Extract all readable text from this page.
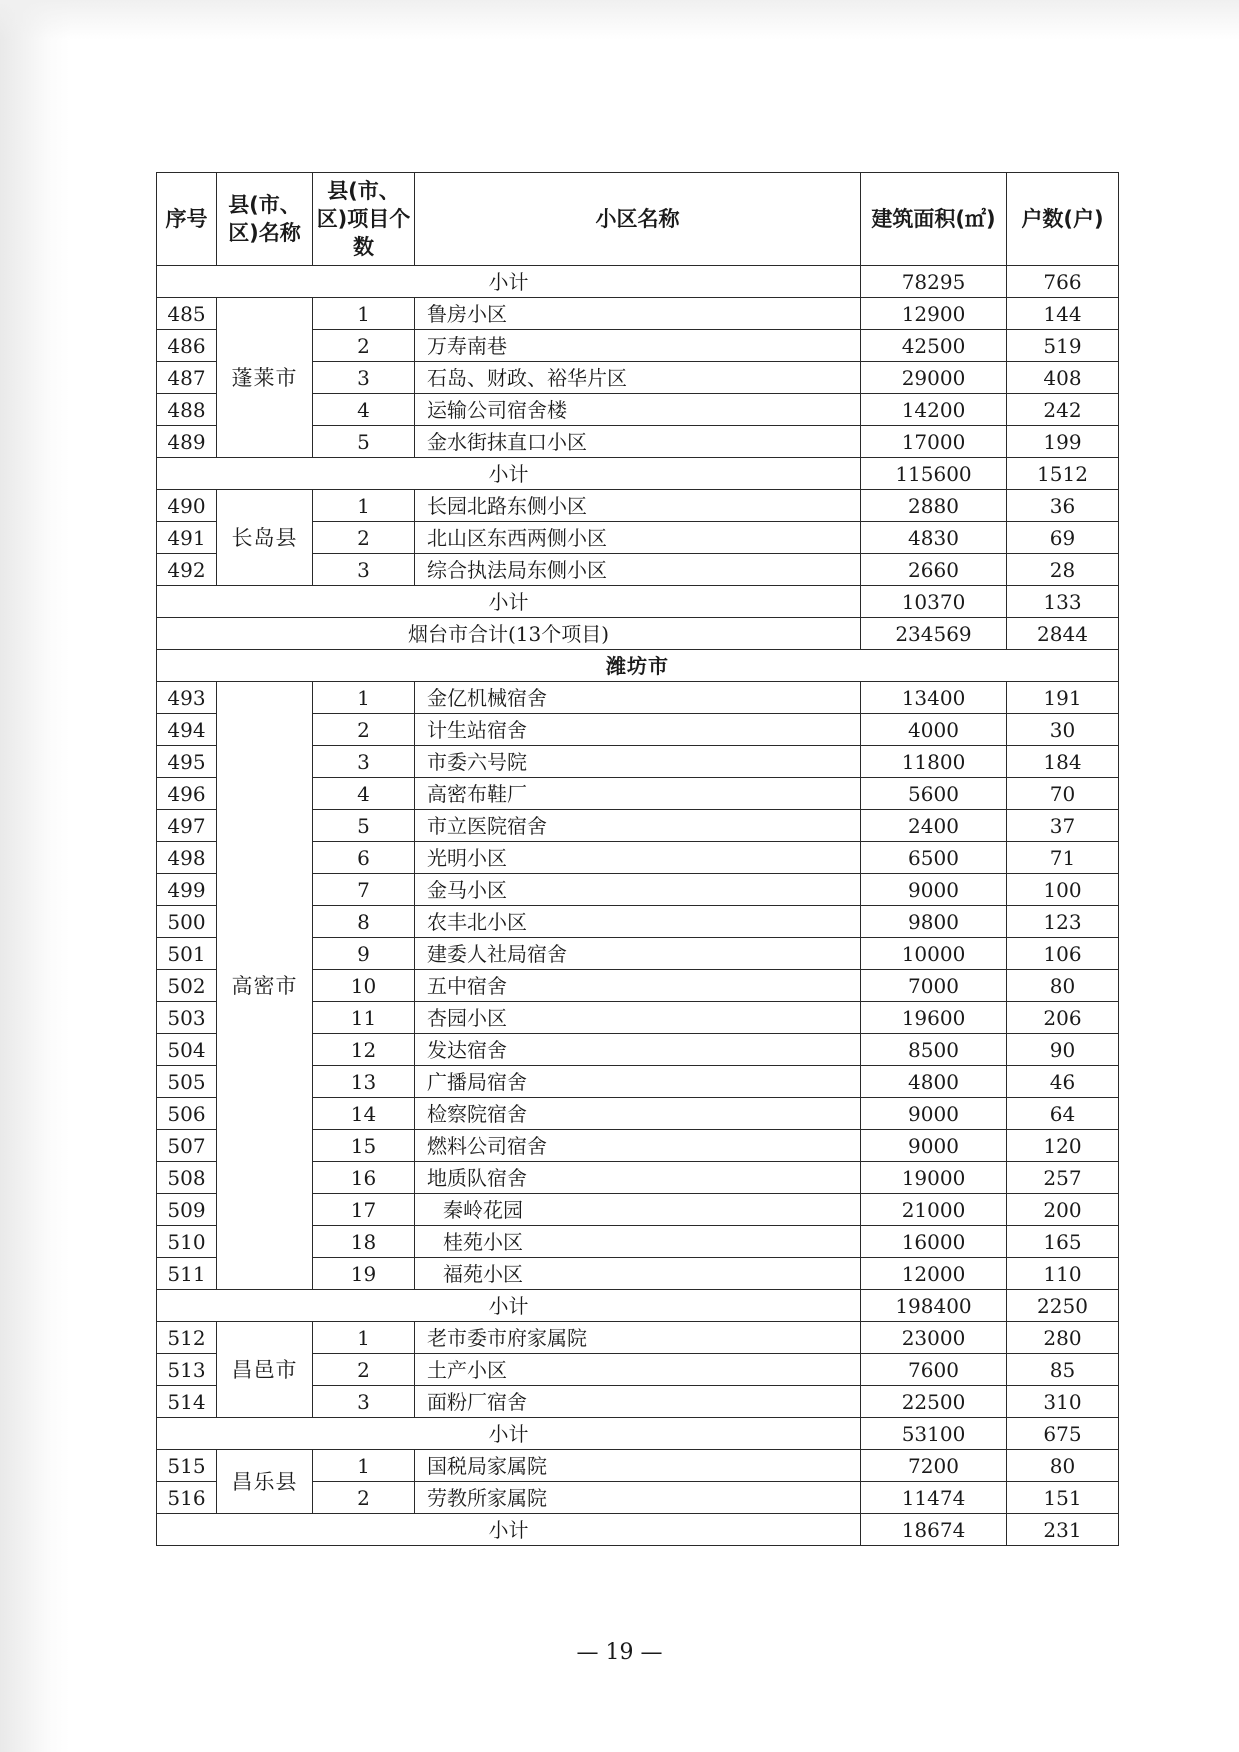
序号	县(市、区)名称	县(市、区)项目个数	小区名称	建筑面积(㎡)	户数(户)
小计				78295	766
485	蓬莱市	1	鲁房小区	12900	144
486		2	万寿南巷	42500	519
487		3	石岛、财政、裕华片区	29000	408
488		4	运输公司宿舍楼	14200	242
489		5	金水街抹直口小区	17000	199
小计				115600	1512
490	长岛县	1	长园北路东侧小区	2880	36
491		2	北山区东西两侧小区	4830	69
492		3	综合执法局东侧小区	2660	28
小计				10370	133
烟台市合计(13个项目)				234569	2844
潍坊市					
493	高密市	1	金亿机械宿舍	13400	191
494		2	计生站宿舍	4000	30
495		3	市委六号院	11800	184
496		4	高密布鞋厂	5600	70
497		5	市立医院宿舍	2400	37
498		6	光明小区	6500	71
499		7	金马小区	9000	100
500		8	农丰北小区	9800	123
501		9	建委人社局宿舍	10000	106
502		10	五中宿舍	7000	80
503		11	杏园小区	19600	206
504		12	发达宿舍	8500	90
505		13	广播局宿舍	4800	46
506		14	检察院宿舍	9000	64
507		15	燃料公司宿舍	9000	120
508		16	地质队宿舍	19000	257
509		17	秦岭花园	21000	200
510		18	桂苑小区	16000	165
511		19	福苑小区	12000	110
小计				198400	2250
512	昌邑市	1	老市委市府家属院	23000	280
513		2	土产小区	7600	85
514		3	面粉厂宿舍	22500	310
小计				53100	675
515	昌乐县	1	国税局家属院	7200	80
516		2	劳教所家属院	11474	151
小计				18674	231
— 19 —
